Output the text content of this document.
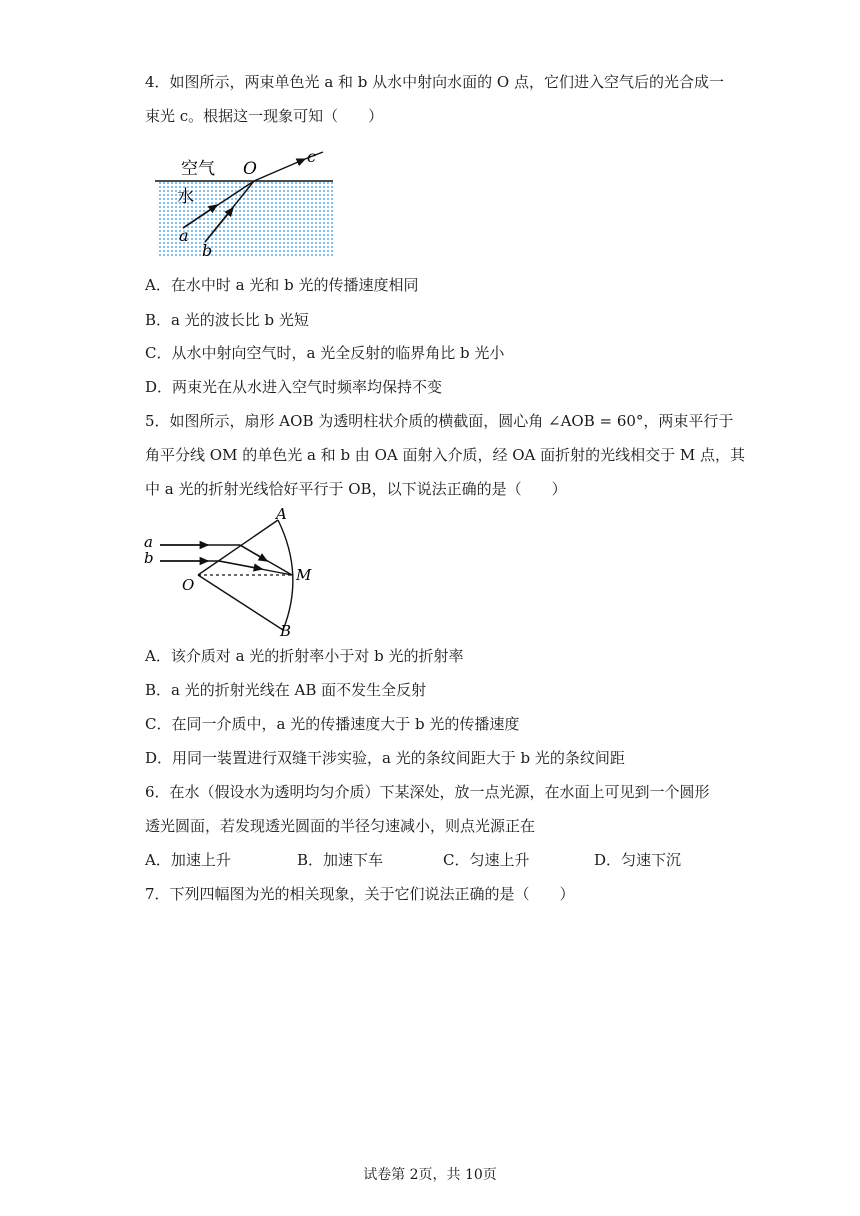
4．如图所示，两束单色光 a 和 b 从水中射向水面的 O 点，它们进入空气后的光合成一
束光 c。根据这一现象可知（　　）
空气
水
O
c
a
b
A．在水中时 a 光和 b 光的传播速度相同
B．a 光的波长比 b 光短
C．从水中射向空气时，a 光全反射的临界角比 b 光小
D．两束光在从水进入空气时频率均保持不变
5．如图所示，扇形 AOB 为透明柱状介质的横截面，圆心角 ∠AOB = 60°，两束平行于
角平分线 OM 的单色光 a 和 b 由 OA 面射入介质，经 OA 面折射的光线相交于 M 点，其
中 a 光的折射光线恰好平行于 OB，以下说法正确的是（　　）
A
B
O
M
a
b
A．该介质对 a 光的折射率小于对 b 光的折射率
B．a 光的折射光线在 AB 面不发生全反射
C．在同一介质中，a 光的传播速度大于 b 光的传播速度
D．用同一装置进行双缝干涉实验，a 光的条纹间距大于 b 光的条纹间距
6．在水（假设水为透明均匀介质）下某深处，放一点光源，在水面上可见到一个圆形
透光圆面，若发现透光圆面的半径匀速减小，则点光源正在
A．加速上升	B．加速下车	C．匀速上升	D．匀速下沉
7．下列四幅图为光的相关现象，关于它们说法正确的是（　　）
试卷第 2页，共 10页
